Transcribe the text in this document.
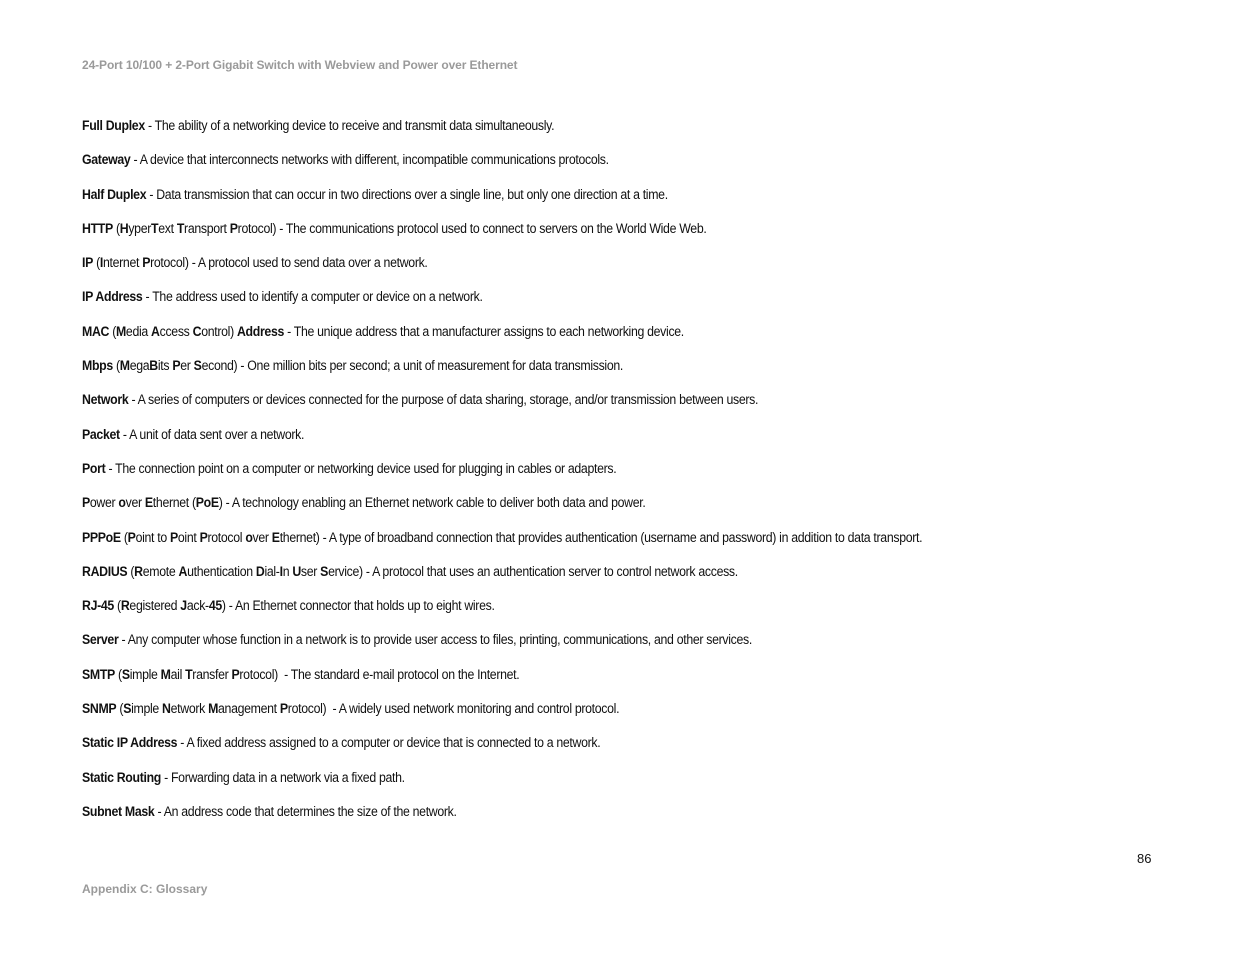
24-Port 10/100 + 2-Port Gigabit Switch with Webview and Power over Ethernet
Full Duplex - The ability of a networking device to receive and transmit data simultaneously.
Gateway - A device that interconnects networks with different, incompatible communications protocols.
Half Duplex - Data transmission that can occur in two directions over a single line, but only one direction at a time.
HTTP (HyperText Transport Protocol) - The communications protocol used to connect to servers on the World Wide Web.
IP (Internet Protocol) - A protocol used to send data over a network.
IP Address - The address used to identify a computer or device on a network.
MAC (Media Access Control) Address - The unique address that a manufacturer assigns to each networking device.
Mbps (MegaBits Per Second) - One million bits per second; a unit of measurement for data transmission.
Network - A series of computers or devices connected for the purpose of data sharing, storage, and/or transmission between users.
Packet - A unit of data sent over a network.
Port - The connection point on a computer or networking device used for plugging in cables or adapters.
Power over Ethernet (PoE) - A technology enabling an Ethernet network cable to deliver both data and power.
PPPoE (Point to Point Protocol over Ethernet) - A type of broadband connection that provides authentication (username and password) in addition to data transport.
RADIUS (Remote Authentication Dial-In User Service) - A protocol that uses an authentication server to control network access.
RJ-45 (Registered Jack-45) - An Ethernet connector that holds up to eight wires.
Server - Any computer whose function in a network is to provide user access to files, printing, communications, and other services.
SMTP (Simple Mail Transfer Protocol)  - The standard e-mail protocol on the Internet.
SNMP (Simple Network Management Protocol)  - A widely used network monitoring and control protocol.
Static IP Address - A fixed address assigned to a computer or device that is connected to a network.
Static Routing - Forwarding data in a network via a fixed path.
Subnet Mask - An address code that determines the size of the network.
86
Appendix C: Glossary
